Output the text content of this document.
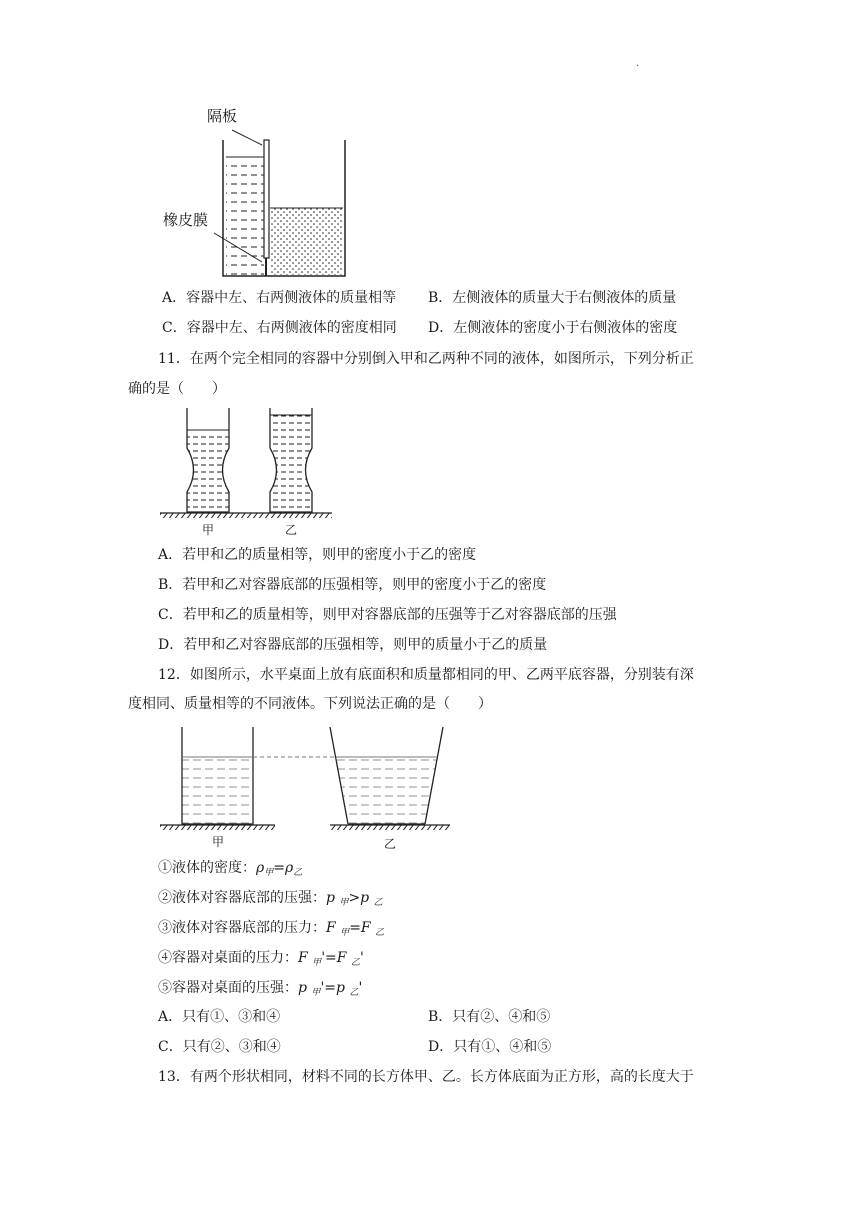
.
隔板
橡皮膜
A．容器中左、右两侧液体的质量相等 B．左侧液体的质量大于右侧液体的质量
C．容器中左、右两侧液体的密度相同 D．左侧液体的密度小于右侧液体的密度
11．在两个完全相同的容器中分别倒入甲和乙两种不同的液体，如图所示，下列分析正
确的是（　　）
甲	乙
A．若甲和乙的质量相等，则甲的密度小于乙的密度
B．若甲和乙对容器底部的压强相等，则甲的密度小于乙的密度
C．若甲和乙的质量相等，则甲对容器底部的压强等于乙对容器底部的压强
D．若甲和乙对容器底部的压强相等，则甲的质量小于乙的质量
12．如图所示，水平桌面上放有底面积和质量都相同的甲、乙两平底容器，分别装有深
度相同、质量相等的不同液体。下列说法正确的是（　　）
甲	乙
①液体的密度：$\rho_甲=\rho_乙$
②液体对容器底部的压强：p $_甲$>p $_乙$
③液体对容器底部的压力：F $_甲$=F $_乙$
④容器对桌面的压力：F $_甲$'=F $_乙$'
⑤容器对桌面的压强：p $_甲$'=p $_乙$'
A．只有①、③和④	B．只有②、④和⑤
C．只有②、③和④	D．只有①、④和⑤
13．有两个形状相同，材料不同的长方体甲、乙。长方体底面为正方形，高的长度大于
